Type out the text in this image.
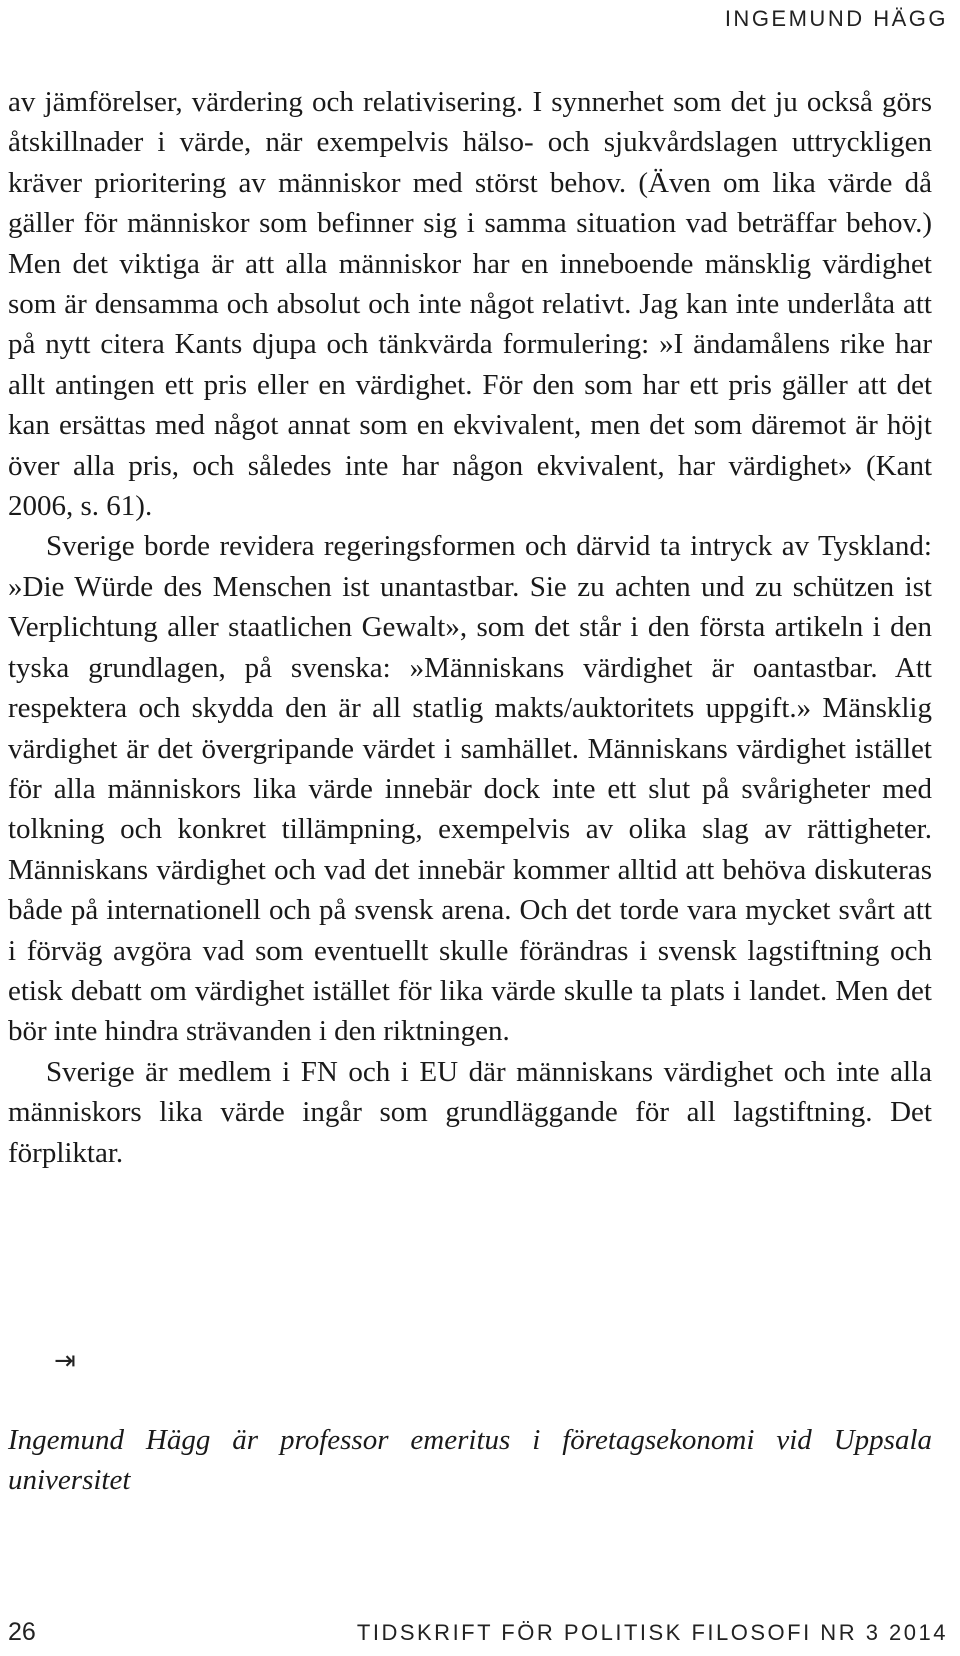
INGEMUND HÄGG

av jämförelser, värdering och relativisering. I synnerhet som det ju också görs åtskillnader i värde, när exempelvis hälso- och sjukvårdslagen uttryckligen kräver prioritering av människor med störst behov. (Även om lika värde då gäller för människor som befinner sig i samma situation vad beträffar behov.) Men det viktiga är att alla människor har en inneboende mänsklig värdighet som är densamma och absolut och inte något relativt. Jag kan inte underlåta att på nytt citera Kants djupa och tänkvärda formulering: »I ändamålens rike har allt antingen ett pris eller en värdighet. För den som har ett pris gäller att det kan ersättas med något annat som en ekvivalent, men det som däremot är höjt över alla pris, och således inte har någon ekvivalent, har värdighet» (Kant 2006, s. 61).

Sverige borde revidera regeringsformen och därvid ta intryck av Tyskland: »Die Würde des Menschen ist unantastbar. Sie zu achten und zu schützen ist Verplichtung aller staatlichen Gewalt», som det står i den första artikeln i den tyska grundlagen, på svenska: »Människans värdighet är oantastbar. Att respektera och skydda den är all statlig makts/auktoritets uppgift.» Mänsklig värdighet är det övergripande värdet i samhället. Människans värdighet istället för alla människors lika värde innebär dock inte ett slut på svårigheter med tolkning och konkret tillämpning, exempelvis av olika slag av rättigheter. Människans värdighet och vad det innebär kommer alltid att behöva diskuteras både på internationell och på svensk arena. Och det torde vara mycket svårt att i förväg avgöra vad som eventuellt skulle förändras i svensk lagstiftning och etisk debatt om värdighet istället för lika värde skulle ta plats i landet. Men det bör inte hindra strävanden i den riktningen.

Sverige är medlem i FN och i EU där människans värdighet och inte alla människors lika värde ingår som grundläggande för all lagstiftning. Det förpliktar.

⇥
Ingemund Hägg är professor emeritus i företagsekonomi vid Uppsala universitet
26	TIDSKRIFT FÖR POLITISK FILOSOFI NR 3 2014
